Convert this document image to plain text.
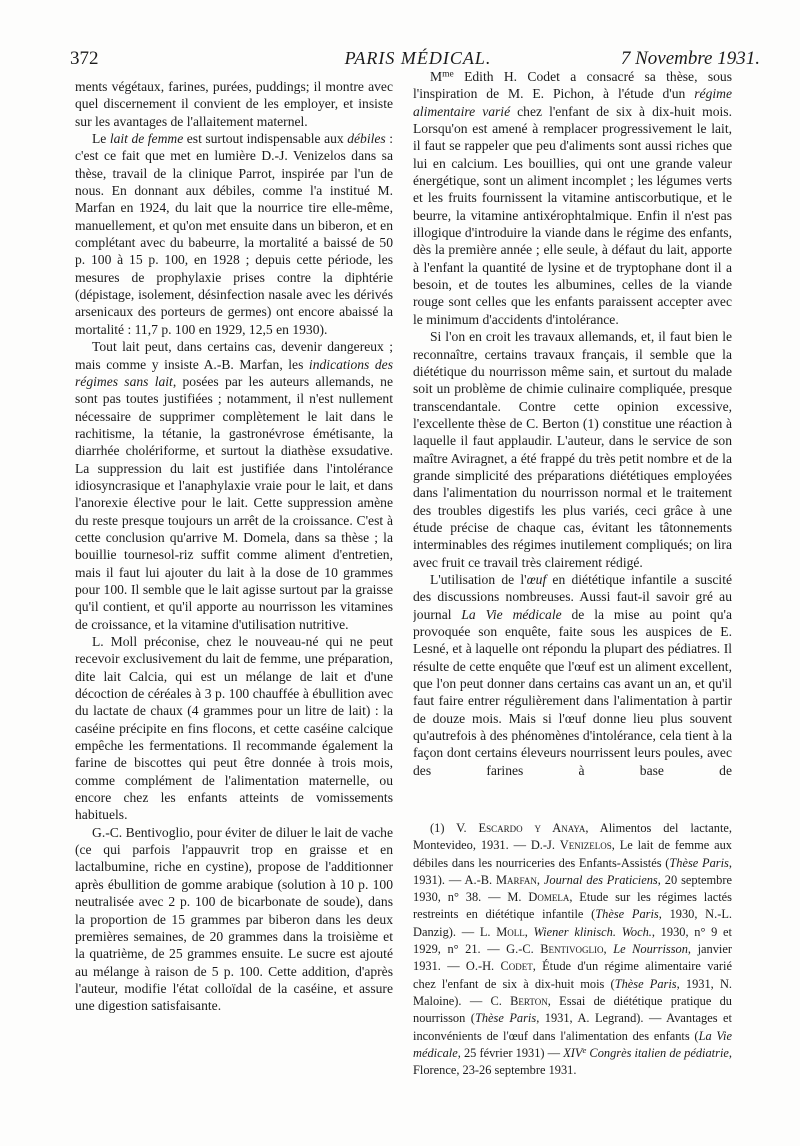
372	PARIS MÉDICAL.	7 Novembre 1931.

ments végétaux, farines, purées, puddings; il montre avec quel discernement il convient de les employer, et insiste sur les avantages de l'allaitement maternel.

Le lait de femme est surtout indispensable aux débiles : c'est ce fait que met en lumière D.-J. Venizelos dans sa thèse, travail de la clinique Parrot, inspirée par l'un de nous. En donnant aux débiles, comme l'a institué M. Marfan en 1924, du lait que la nourrice tire elle-même, manuellement, et qu'on met ensuite dans un biberon, et en complétant avec du babeurre, la mortalité a baissé de 50 p. 100 à 15 p. 100, en 1928 ; depuis cette période, les mesures de prophylaxie prises contre la diphtérie (dépistage, isolement, désinfection nasale avec les dérivés arsenicaux des porteurs de germes) ont encore abaissé la mortalité : 11,7 p. 100 en 1929, 12,5 en 1930).

Tout lait peut, dans certains cas, devenir dangereux ; mais comme y insiste A.-B. Marfan, les indications des régimes sans lait, posées par les auteurs allemands, ne sont pas toutes justifiées ; notamment, il n'est nullement nécessaire de supprimer complètement le lait dans le rachitisme, la tétanie, la gastronévrose émétisante, la diarrhée cholériforme, et surtout la diathèse exsudative. La suppression du lait est justifiée dans l'intolérance idiosyncrasique et l'anaphylaxie vraie pour le lait, et dans l'anorexie élective pour le lait. Cette suppression amène du reste presque toujours un arrêt de la croissance. C'est à cette conclusion qu'arrive M. Domela, dans sa thèse ; la bouillie tournesol-riz suffit comme aliment d'entretien, mais il faut lui ajouter du lait à la dose de 10 grammes pour 100. Il semble que le lait agisse surtout par la graisse qu'il contient, et qu'il apporte au nourrisson les vitamines de croissance, et la vitamine d'utilisation nutritive.

L. Moll préconise, chez le nouveau-né qui ne peut recevoir exclusivement du lait de femme, une préparation, dite lait Calcia, qui est un mélange de lait et d'une décoction de céréales à 3 p. 100 chauffée à ébullition avec du lactate de chaux (4 grammes pour un litre de lait) : la caséine précipite en fins flocons, et cette caséine calcique empêche les fermentations. Il recommande également la farine de biscottes qui peut être donnée à trois mois, comme complément de l'alimentation maternelle, ou encore chez les enfants atteints de vomissements habituels.

G.-C. Bentivoglio, pour éviter de diluer le lait de vache (ce qui parfois l'appauvrit trop en graisse et en lactalbumine, riche en cystine), propose de l'additionner après ébullition de gomme arabique (solution à 10 p. 100 neutralisée avec 2 p. 100 de bicarbonate de soude), dans la proportion de 15 grammes par biberon dans les deux premières semaines, de 20 grammes dans la troisième et la quatrième, de 25 grammes ensuite. Le sucre est ajouté au mélange à raison de 5 p. 100. Cette addition, d'après l'auteur, modifie l'état colloïdal de la caséine, et assure une digestion satisfaisante.

$M^{me}$ Edith H. Codet a consacré sa thèse, sous l'inspiration de M. E. Pichon, à l'étude d'un régime alimentaire varié chez l'enfant de six à dix-huit mois. Lorsqu'on est amené à remplacer progressivement le lait, il faut se rappeler que peu d'aliments sont aussi riches que lui en calcium. Les bouillies, qui ont une grande valeur énergétique, sont un aliment incomplet ; les légumes verts et les fruits fournissent la vitamine antiscorbutique, et le beurre, la vitamine antixérophtalmique. Enfin il n'est pas illogique d'introduire la viande dans le régime des enfants, dès la première année ; elle seule, à défaut du lait, apporte à l'enfant la quantité de lysine et de tryptophane dont il a besoin, et de toutes les albumines, celles de la viande rouge sont celles que les enfants paraissent accepter avec le minimum d'accidents d'intolérance.

Si l'on en croit les travaux allemands, et, il faut bien le reconnaître, certains travaux français, il semble que la diététique du nourrisson même sain, et surtout du malade soit un problème de chimie culinaire compliquée, presque transcendantale. Contre cette opinion excessive, l'excellente thèse de C. Berton (1) constitue une réaction à laquelle il faut applaudir. L'auteur, dans le service de son maître Aviragnet, a été frappé du très petit nombre et de la grande simplicité des préparations diététiques employées dans l'alimentation du nourrisson normal et le traitement des troubles digestifs les plus variés, ceci grâce à une étude précise de chaque cas, évitant les tâtonnements interminables des régimes inutilement compliqués; on lira avec fruit ce travail très clairement rédigé.

L'utilisation de l'œuf en diététique infantile a suscité des discussions nombreuses. Aussi faut-il savoir gré au journal La Vie médicale de la mise au point qu'a provoquée son enquête, faite sous les auspices de E. Lesné, et à laquelle ont répondu la plupart des pédiatres. Il résulte de cette enquête que l'œuf est un aliment excellent, que l'on peut donner dans certains cas avant un an, et qu'il faut faire entrer régulièrement dans l'alimentation à partir de douze mois. Mais si l'œuf donne lieu plus souvent qu'autrefois à des phénomènes d'intolérance, cela tient à la façon dont certains éleveurs nourrissent leurs poules, avec des farines à base de

(1) V. Escardo y Anaya, Alimentos del lactante, Montevideo, 1931. — D.-J. Venizelos, Le lait de femme aux débiles dans les nourriceries des Enfants-Assistés (Thèse Paris, 1931). — A.-B. Marfan, Journal des Praticiens, 20 septembre 1930, n° 38. — M. Domela, Etude sur les régimes lactés restreints en diététique infantile (Thèse Paris, 1930, N.-L. Danzig). — L. Moll, Wiener klinisch. Woch., 1930, n° 9 et 1929, n° 21. — G.-C. Bentivoglio, Le Nourrisson, janvier 1931. — O.-H. Codet, Étude d'un régime alimentaire varié chez l'enfant de six à dix-huit mois (Thèse Paris, 1931, N. Maloine). — C. Berton, Essai de diététique pratique du nourrisson (Thèse Paris, 1931, A. Legrand). — Avantages et inconvénients de l'œuf dans l'alimentation des enfants (La Vie médicale, 25 février 1931) — XIVe Congrès italien de pédiatrie, Florence, 23-26 septembre 1931.
